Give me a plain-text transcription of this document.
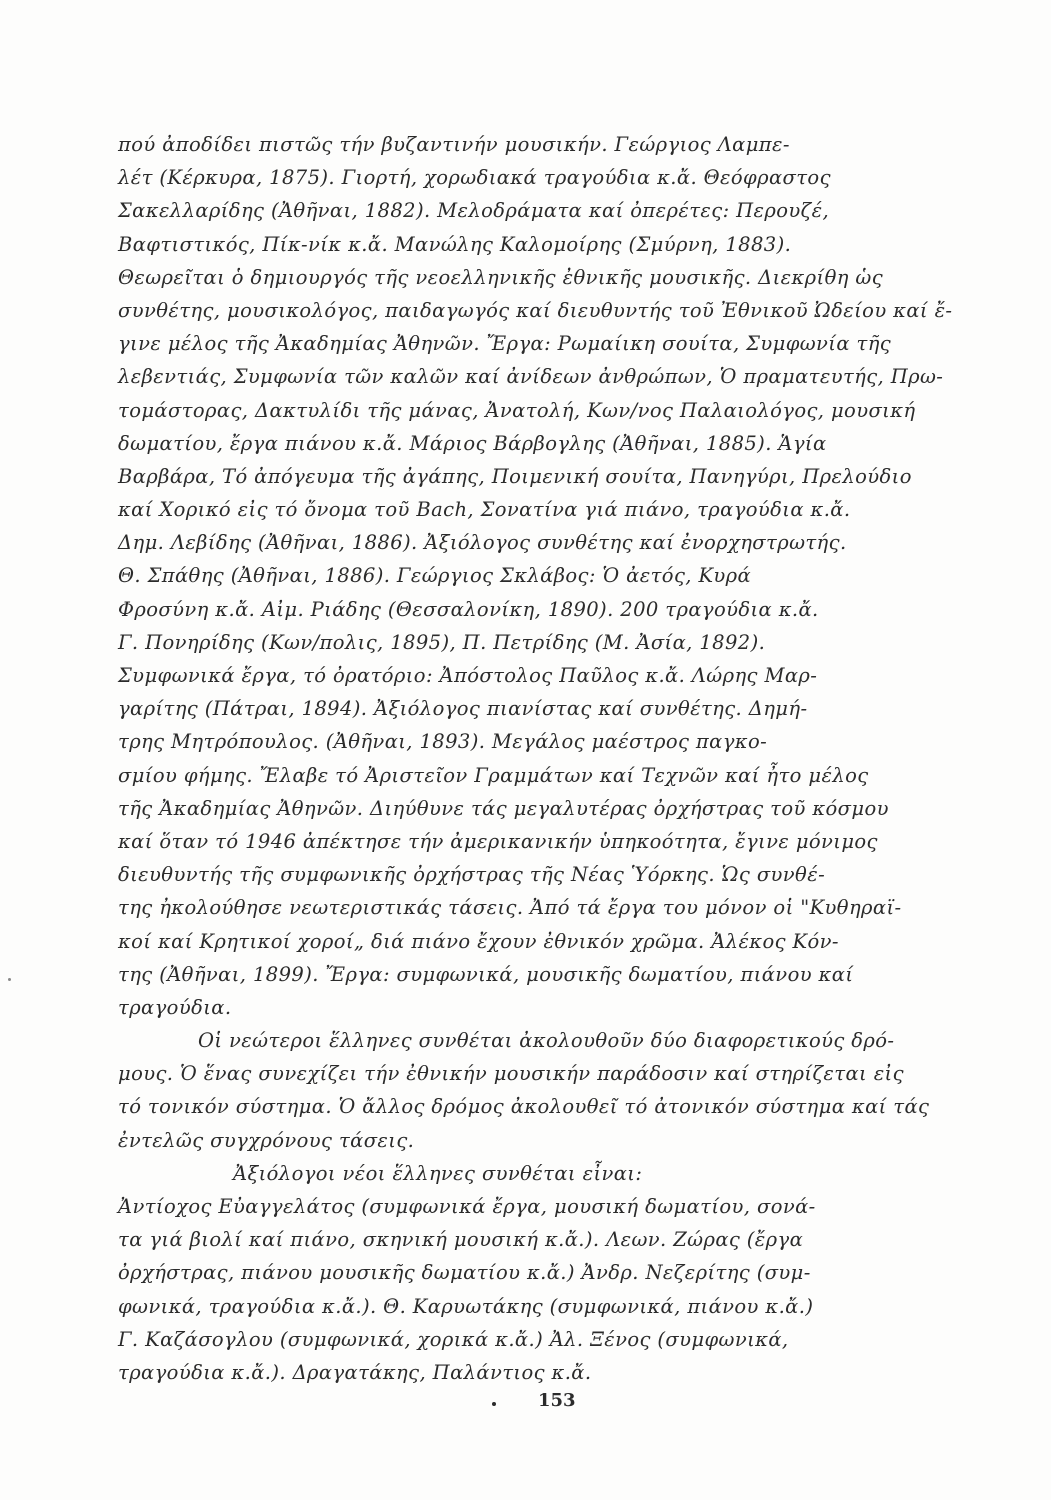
πού ἀποδίδει πιστῶς τήν βυζαντινήν μουσικήν. Γεώργιος Λαμπε-
λέτ (Κέρκυρα, 1875). Γιορτή, χορωδιακά τραγούδια κ.ἄ. Θεόφραστος
Σακελλαρίδης (Ἀθῆναι, 1882). Μελοδράματα καί ὀπερέτες: Περουζέ,
Βαφτιστικός, Πίκ-νίκ κ.ἄ. Μανώλης Καλομοίρης (Σμύρνη, 1883).
Θεωρεῖται ὁ δημιουργός τῆς νεοελληνικῆς ἐθνικῆς μουσικῆς. Διεκρίθη ὡς
συνθέτης, μουσικολόγος, παιδαγωγός καί διευθυντής τοῦ Ἐθνικοῦ Ὠδείου καί ἔ-
γινε μέλος τῆς Ἀκαδημίας Ἀθηνῶν. Ἔργα: Ρωμαίικη σουίτα, Συμφωνία τῆς
λεβεντιάς, Συμφωνία τῶν καλῶν καί ἀνίδεων ἀνθρώπων, Ὁ πραματευτής, Πρω-
τομάστορας, Δακτυλίδι τῆς μάνας, Ἀνατολή, Κων/νος Παλαιολόγος, μουσική
δωματίου, ἔργα πιάνου κ.ἄ. Μάριος Βάρβογλης (Ἀθῆναι, 1885). Ἁγία
Βαρβάρα, Τό ἀπόγευμα τῆς ἀγάπης, Ποιμενική σουίτα, Πανηγύρι, Πρελούδιο
καί Χορικό εἰς τό ὄνομα τοῦ Bach, Σονατίνα γιά πιάνο, τραγούδια κ.ἄ.
Δημ. Λεβίδης (Ἀθῆναι, 1886). Ἀξιόλογος συνθέτης καί ἐνορχηστρωτής.
Θ. Σπάθης (Ἀθῆναι, 1886). Γεώργιος Σκλάβος: Ὁ ἀετός, Κυρά
Φροσύνη κ.ἄ. Αἰμ. Ριάδης (Θεσσαλονίκη, 1890). 200 τραγούδια κ.ἄ.
Γ. Πονηρίδης (Κων/πολις, 1895), Π. Πετρίδης (Μ. Ἀσία, 1892).
Συμφωνικά ἔργα, τό ὀρατόριο: Ἀπόστολος Παῦλος κ.ἄ. Λώρης Μαρ-
γαρίτης (Πάτραι, 1894). Ἀξιόλογος πιανίστας καί συνθέτης. Δημή-
τρης Μητρόπουλος. (Ἀθῆναι, 1893). Μεγάλος μαέστρος παγκο-
σμίου φήμης. Ἔλαβε τό Ἀριστεῖον Γραμμάτων καί Τεχνῶν καί ἦτο μέλος
τῆς Ἀκαδημίας Ἀθηνῶν. Διηύθυνε τάς μεγαλυτέρας ὀρχήστρας τοῦ κόσμου
καί ὅταν τό 1946 ἀπέκτησε τήν ἀμερικανικήν ὑπηκοότητα, ἔγινε μόνιμος
διευθυντής τῆς συμφωνικῆς ὀρχήστρας τῆς Νέας Ὑόρκης. Ὡς συνθέ-
της ἠκολούθησε νεωτεριστικάς τάσεις. Ἀπό τά ἔργα του μόνον οἱ "Κυθηραϊ-
κοί καί Κρητικοί χοροί„ διά πιάνο ἔχουν ἐθνικόν χρῶμα. Ἀλέκος Κόν-
της (Ἀθῆναι, 1899). Ἔργα: συμφωνικά, μουσικῆς δωματίου, πιάνου καί
τραγούδια.
Οἱ νεώτεροι ἕλληνες συνθέται ἀκολουθοῦν δύο διαφορετικούς δρό-
μους. Ὁ ἕνας συνεχίζει τήν ἐθνικήν μουσικήν παράδοσιν καί στηρίζεται εἰς
τό τονικόν σύστημα. Ὁ ἄλλος δρόμος ἀκολουθεῖ τό ἀτονικόν σύστημα καί τάς
ἐντελῶς συγχρόνους τάσεις.
Ἀξιόλογοι νέοι ἕλληνες συνθέται εἶναι:
Ἀντίοχος Εὐαγγελάτος (συμφωνικά ἔργα, μουσική δωματίου, σονά-
τα γιά βιολί καί πιάνο, σκηνική μουσική κ.ἄ.). Λεων. Ζώρας (ἔργα
ὀρχήστρας, πιάνου μουσικῆς δωματίου κ.ἄ.) Ἀνδρ. Νεζερίτης (συμ-
φωνικά, τραγούδια κ.ἄ.). Θ. Καρυωτάκης (συμφωνικά, πιάνου κ.ἄ.)
Γ. Καζάσογλου (συμφωνικά, χορικά κ.ἄ.) Ἀλ. Ξένος (συμφωνικά,
τραγούδια κ.ἄ.). Δραγατάκης, Παλάντιος κ.ἄ.
153
